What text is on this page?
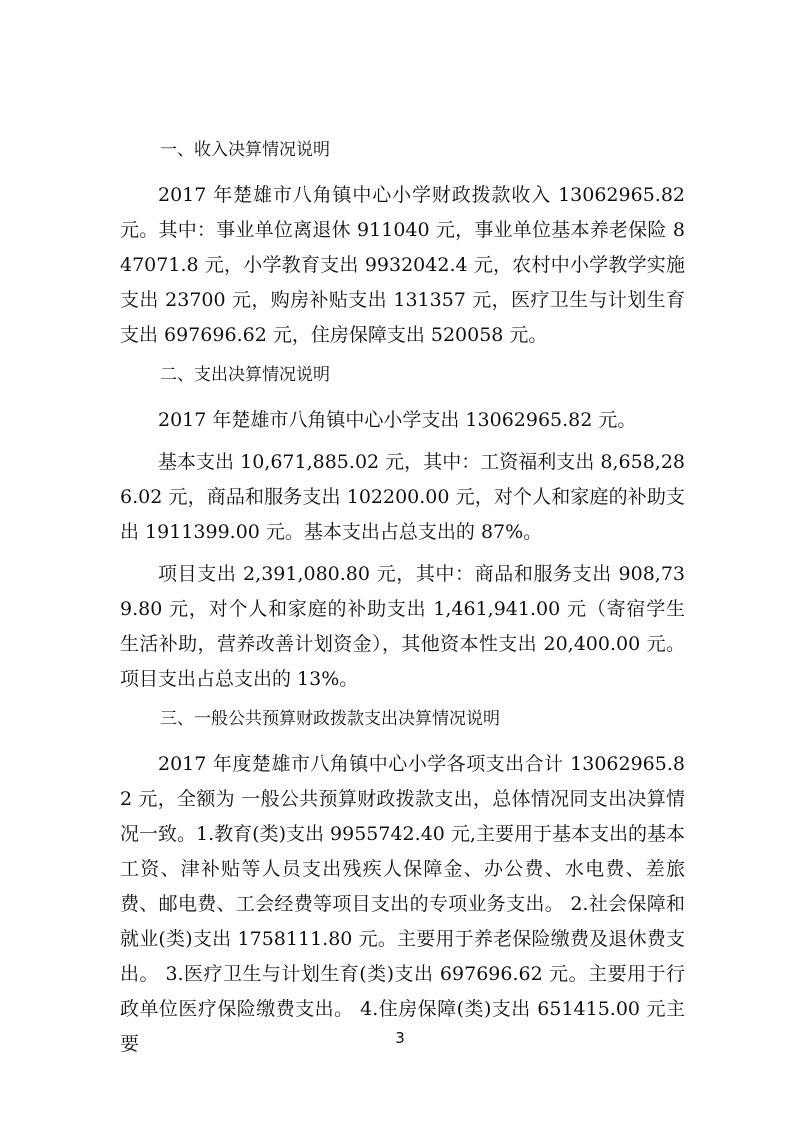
一、收入决算情况说明

2017 年楚雄市八角镇中心小学财政拨款收入 13062965.82 元。其中：事业单位离退休 911040 元，事业单位基本养老保险 847071.8 元，小学教育支出 9932042.4 元，农村中小学教学实施支出 23700 元，购房补贴支出 131357 元，医疗卫生与计划生育支出 697696.62 元，住房保障支出 520058 元。

二、支出决算情况说明

2017 年楚雄市八角镇中心小学支出 13062965.82 元。

基本支出 10,671,885.02 元，其中：工资福利支出 8,658,286.02 元，商品和服务支出 102200.00 元，对个人和家庭的补助支出 1911399.00 元。基本支出占总支出的 87%。

项目支出 2,391,080.80 元，其中：商品和服务支出 908,739.80 元，对个人和家庭的补助支出 1,461,941.00 元（寄宿学生生活补助，营养改善计划资金），其他资本性支出 20,400.00 元。项目支出占总支出的 13%。

三、一般公共预算财政拨款支出决算情况说明

2017 年度楚雄市八角镇中心小学各项支出合计 13062965.82 元，全额为 一般公共预算财政拨款支出，总体情况同支出决算情况一致。1.教育(类)支出 9955742.40 元,主要用于基本支出的基本工资、津补贴等人员支出残疾人保障金、办公费、水电费、差旅费、邮电费、工会经费等项目支出的专项业务支出。 2.社会保障和就业(类)支出 1758111.80 元。主要用于养老保险缴费及退休费支出。 3.医疗卫生与计划生育(类)支出 697696.62 元。主要用于行政单位医疗保险缴费支出。 4.住房保障(类)支出 651415.00 元主要	3
